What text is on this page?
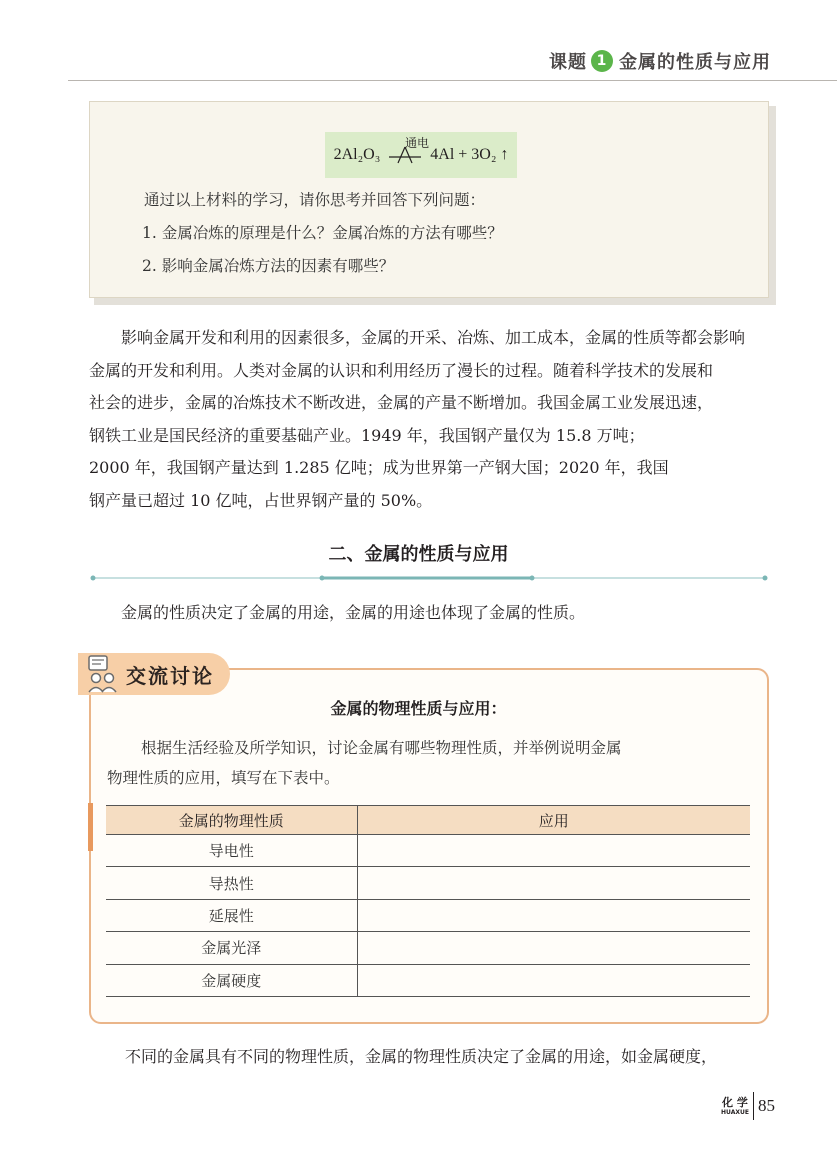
课题 1 金属的性质与应用
2Al₂O₃
通电
4Al + 3O₂ ↑
通过以上材料的学习，请你思考并回答下列问题：
1. 金属冶炼的原理是什么？金属冶炼的方法有哪些？
2. 影响金属冶炼方法的因素有哪些？

影响金属开发和利用的因素很多，金属的开采、冶炼、加工成本，金属的性质等都会影响

金属的开发和利用。人类对金属的认识和利用经历了漫长的过程。随着科学技术的发展和

社会的进步，金属的冶炼技术不断改进，金属的产量不断增加。我国金属工业发展迅速，

钢铁工业是国民经济的重要基础产业。1949 年，我国钢产量仅为 15.8 万吨；

2000 年，我国钢产量达到 1.285 亿吨；成为世界第一产钢大国；2020 年，我国

钢产量已超过 10 亿吨，占世界钢产量的 50%。

二、金属的性质与应用

金属的性质决定了金属的用途，金属的用途也体现了金属的性质。

交流讨论
金属的物理性质与应用：
根据生活经验及所学知识，讨论金属有哪些物理性质，并举例说明金属
物理性质的应用，填写在下表中。
金属的物理性质	应用
导电性	
导热性	
延展性	
金属光泽	
金属硬度	
不同的金属具有不同的物理性质，金属的物理性质决定了金属的用途，如金属硬度，
化 学
HUAXUE 85
